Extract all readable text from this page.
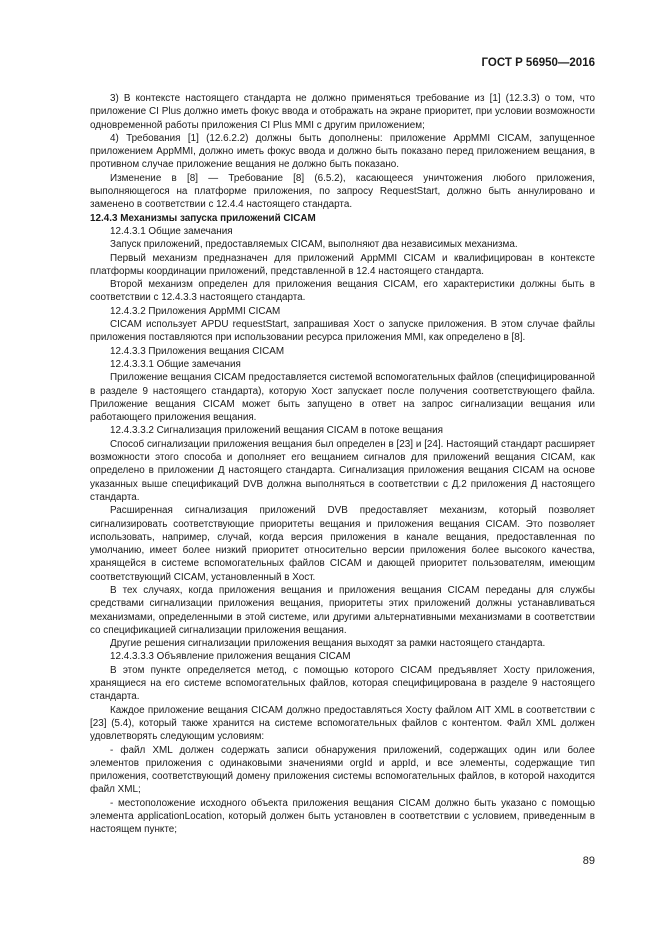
ГОСТ Р 56950—2016

3) В контексте настоящего стандарта не должно применяться требование из [1] (12.3.3) о том, что приложение CI Plus должно иметь фокус ввода и отображать на экране приоритет, при условии возможности одновременной работы приложения CI Plus MMI с другим приложением;

4) Требования [1] (12.6.2.2) должны быть дополнены: приложение AppMMI CICAM, запущенное приложением AppMMI, должно иметь фокус ввода и должно быть показано перед приложением вещания, в противном случае приложение вещания не должно быть показано.

Изменение в [8] — Требование [8] (6.5.2), касающееся уничтожения любого приложения, выполняющегося на платформе приложения, по запросу RequestStart, должно быть аннулировано и заменено в соответствии с 12.4.4 настоящего стандарта.

12.4.3 Механизмы запуска приложений CICAM

12.4.3.1 Общие замечания

Запуск приложений, предоставляемых CICAM, выполняют два независимых механизма.

Первый механизм предназначен для приложений AppMMI CICAM и квалифицирован в контексте платформы координации приложений, представленной в 12.4 настоящего стандарта.

Второй механизм определен для приложения вещания CICAM, его характеристики должны быть в соответствии с 12.4.3.3 настоящего стандарта.

12.4.3.2 Приложения AppMMI CICAM

CICAM использует APDU requestStart, запрашивая Хост о запуске приложения. В этом случае файлы приложения поставляются при использовании ресурса приложения MMI, как определено в [8].

12.4.3.3 Приложения вещания CICAM

12.4.3.3.1 Общие замечания

Приложение вещания CICAM предоставляется системой вспомогательных файлов (специфицированной в разделе 9 настоящего стандарта), которую Хост запускает после получения соответствующего файла. Приложение вещания CICAM может быть запущено в ответ на запрос сигнализации вещания или работающего приложения вещания.

12.4.3.3.2 Сигнализация приложений вещания CICAM в потоке вещания

Способ сигнализации приложения вещания был определен в [23] и [24]. Настоящий стандарт расширяет возможности этого способа и дополняет его вещанием сигналов для приложений вещания CICAM, как определено в приложении Д настоящего стандарта. Сигнализация приложения вещания CICAM на основе указанных выше спецификаций DVB должна выполняться в соответствии с Д.2 приложения Д настоящего стандарта.

Расширенная сигнализация приложений DVB предоставляет механизм, который позволяет сигнализировать соответствующие приоритеты вещания и приложения вещания CICAM. Это позволяет использовать, например, случай, когда версия приложения в канале вещания, предоставленная по умолчанию, имеет более низкий приоритет относительно версии приложения более высокого качества, хранящейся в системе вспомогательных файлов CICAM и дающей приоритет пользователям, имеющим соответствующий CICAM, установленный в Хост.

В тех случаях, когда приложения вещания и приложения вещания CICAM переданы для службы средствами сигнализации приложения вещания, приоритеты этих приложений должны устанавливаться механизмами, определенными в этой системе, или другими альтернативными механизмами в соответствии со спецификацией сигнализации приложения вещания.

Другие решения сигнализации приложения вещания выходят за рамки настоящего стандарта.

12.4.3.3.3 Объявление приложения вещания CICAM

В этом пункте определяется метод, с помощью которого CICAM предъявляет Хосту приложения, хранящиеся на его системе вспомогательных файлов, которая специфицирована в разделе 9 настоящего стандарта.

Каждое приложение вещания CICAM должно предоставляться Хосту файлом AIT XML в соответствии с [23] (5.4), который также хранится на системе вспомогательных файлов с контентом. Файл XML должен удовлетворять следующим условиям:

- файл XML должен содержать записи обнаружения приложений, содержащих один или более элементов приложения с одинаковыми значениями orgId и appId, и все элементы, содержащие тип приложения, соответствующий домену приложения системы вспомогательных файлов, в которой находится файл XML;

- местоположение исходного объекта приложения вещания CICAM должно быть указано с помощью элемента applicationLocation, который должен быть установлен в соответствии с условием, приведенным в настоящем пункте;

89
